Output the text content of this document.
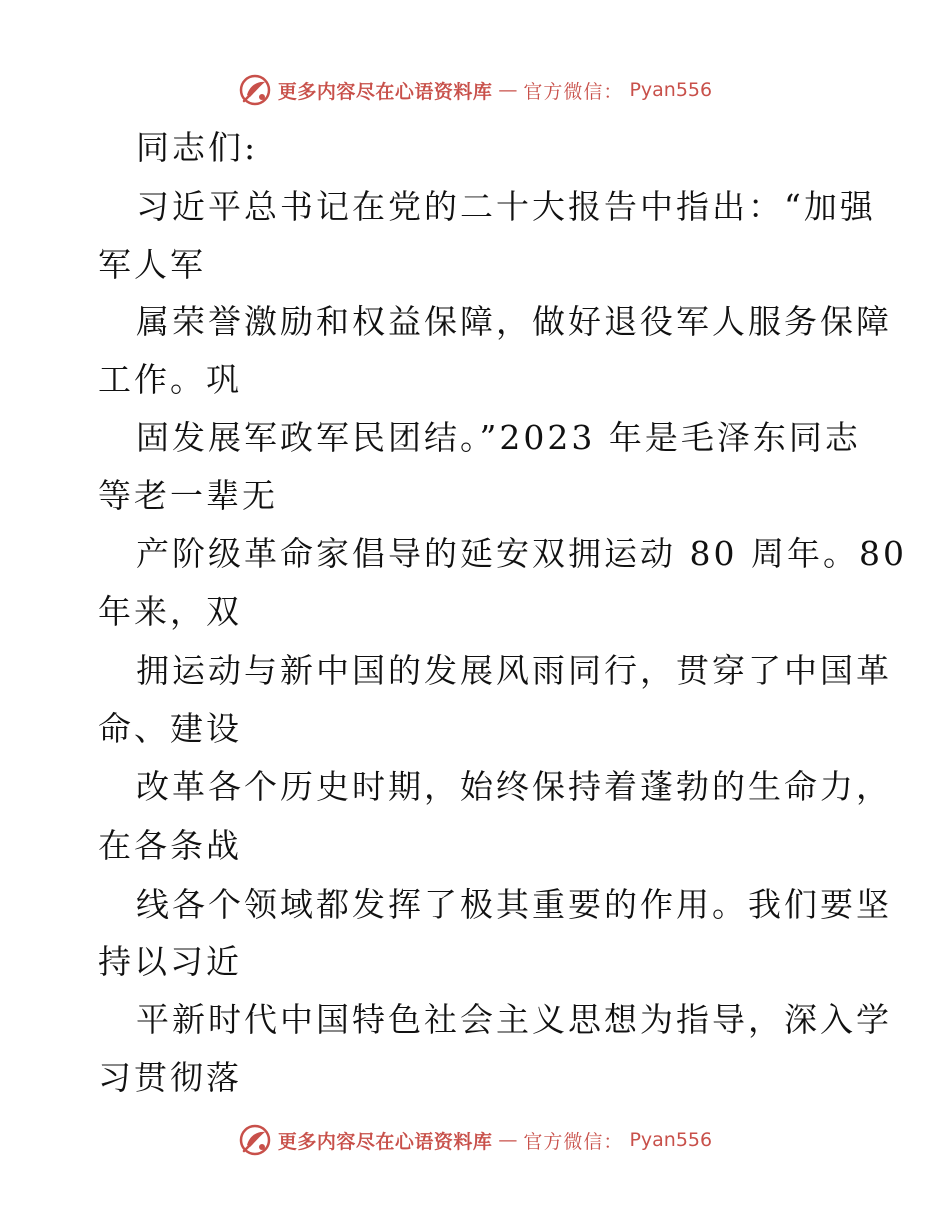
更多内容尽在心语资料库 — 官方微信： Pyan556
同志们:
习近平总书记在党的二十大报告中指出：“加强
军人军
属荣誉激励和权益保障，做好退役军人服务保障
工作。巩
固发展军政军民团结。”2023 年是毛泽东同志
等老一辈无
产阶级革命家倡导的延安双拥运动 80 周年。80
年来，双
拥运动与新中国的发展风雨同行，贯穿了中国革
命、建设
改革各个历史时期，始终保持着蓬勃的生命力，
在各条战
线各个领域都发挥了极其重要的作用。我们要坚
持以习近
平新时代中国特色社会主义思想为指导，深入学
习贯彻落
更多内容尽在心语资料库 — 官方微信： Pyan556
